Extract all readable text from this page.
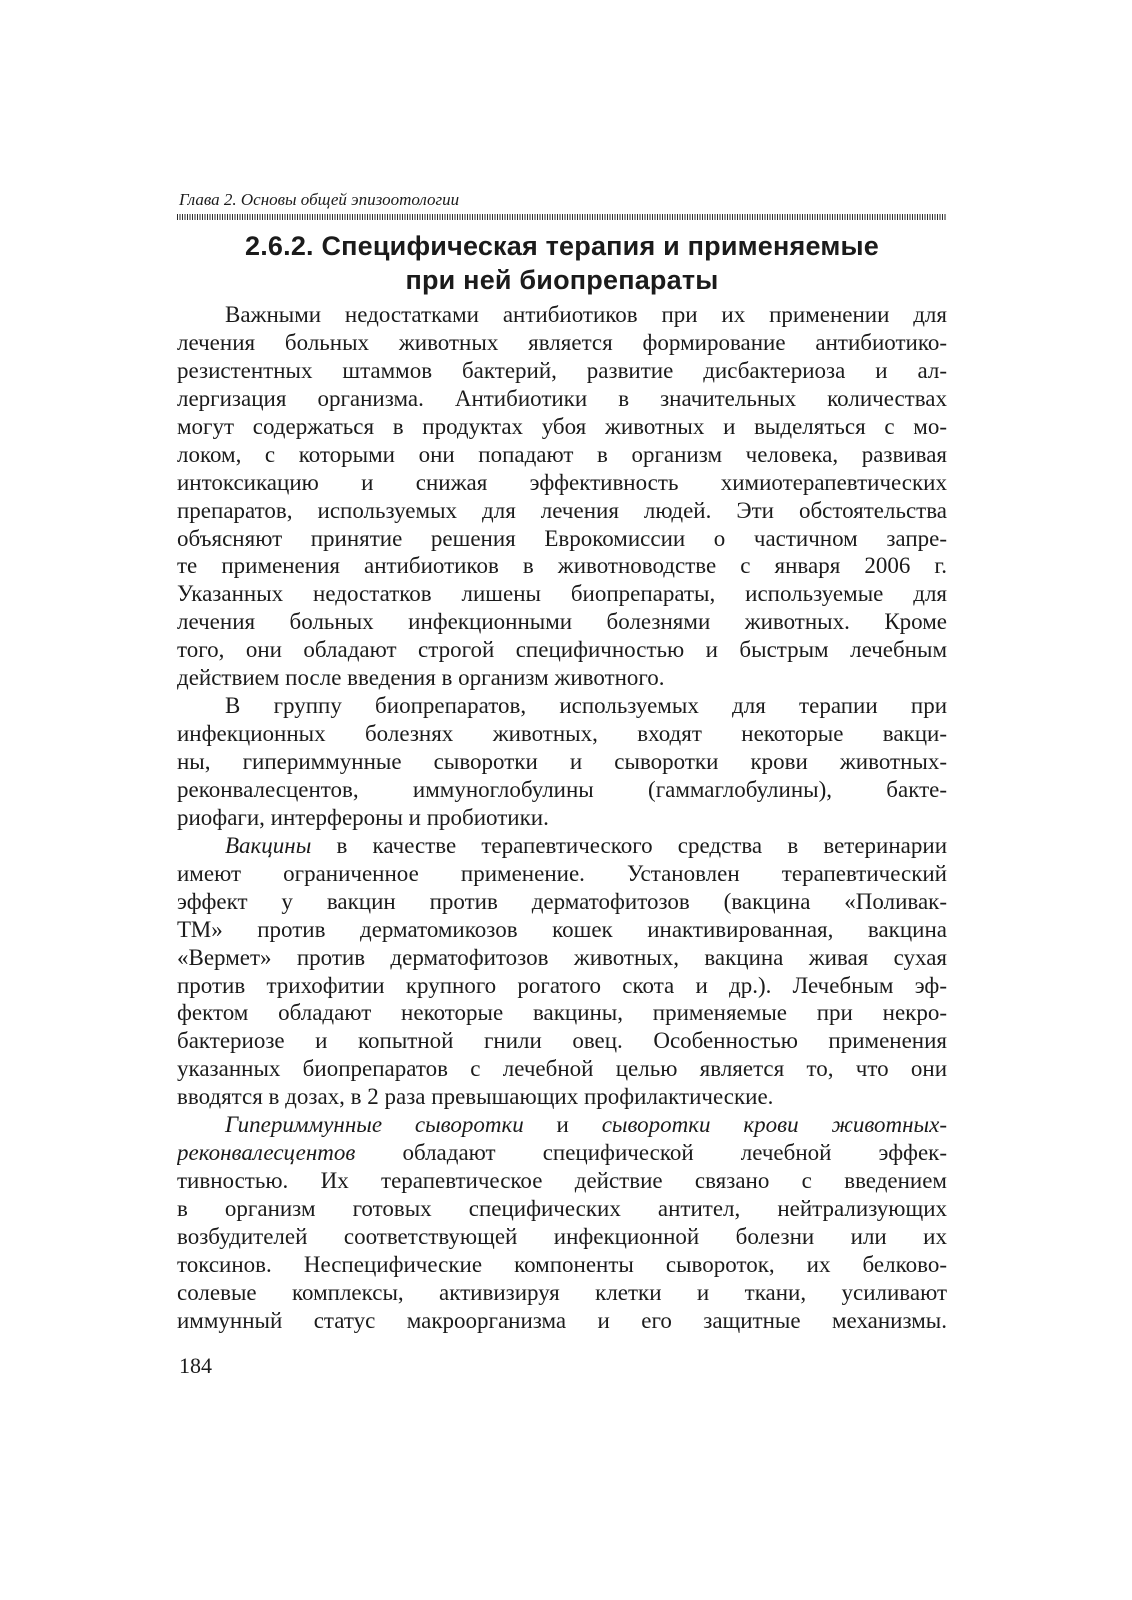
Глава 2. Основы общей эпизоотологии
2.6.2. Специфическая терапия и применяемые
при ней биопрепараты

Важными недостатками антибиотиков при их применении для
лечения больных животных является формирование антибиотико-
резистентных штаммов бактерий, развитие дисбактериоза и ал-
лергизация организма. Антибиотики в значительных количествах
могут содержаться в продуктах убоя животных и выделяться с мо-
локом, с которыми они попадают в организм человека, развивая
интоксикацию и снижая эффективность химиотерапевтических
препаратов, используемых для лечения людей. Эти обстоятельства
объясняют принятие решения Еврокомиссии о частичном запре-
те применения антибиотиков в животноводстве с января 2006 г.
Указанных недостатков лишены биопрепараты, используемые для
лечения больных инфекционными болезнями животных. Кроме
того, они обладают строгой специфичностью и быстрым лечебным
действием после введения в организм животного.

В группу биопрепаратов, используемых для терапии при
инфекционных болезнях животных, входят некоторые вакци-
ны, гипериммунные сыворотки и сыворотки крови животных-
реконвалесцентов, иммуноглобулины (гаммаглобулины), бакте-
риофаги, интерфероны и пробиотики.

Вакцины в качестве терапевтического средства в ветеринарии
имеют ограниченное применение. Установлен терапевтический
эффект у вакцин против дерматофитозов (вакцина «Поливак-
ТМ» против дерматомикозов кошек инактивированная, вакцина
«Вермет» против дерматофитозов животных, вакцина живая сухая
против трихофитии крупного рогатого скота и др.). Лечебным эф-
фектом обладают некоторые вакцины, применяемые при некро-
бактериозе и копытной гнили овец. Особенностью применения
указанных биопрепаратов с лечебной целью является то, что они
вводятся в дозах, в 2 раза превышающих профилактические.

Гипериммунные сыворотки и сыворотки крови животных-
реконвалесцентов обладают специфической лечебной эффек-
тивностью. Их терапевтическое действие связано с введением
в организм готовых специфических антител, нейтрализующих
возбудителей соответствующей инфекционной болезни или их
токсинов. Неспецифические компоненты сывороток, их белково-
солевые комплексы, активизируя клетки и ткани, усиливают
иммунный статус макроорганизма и его защитные механизмы.

184
